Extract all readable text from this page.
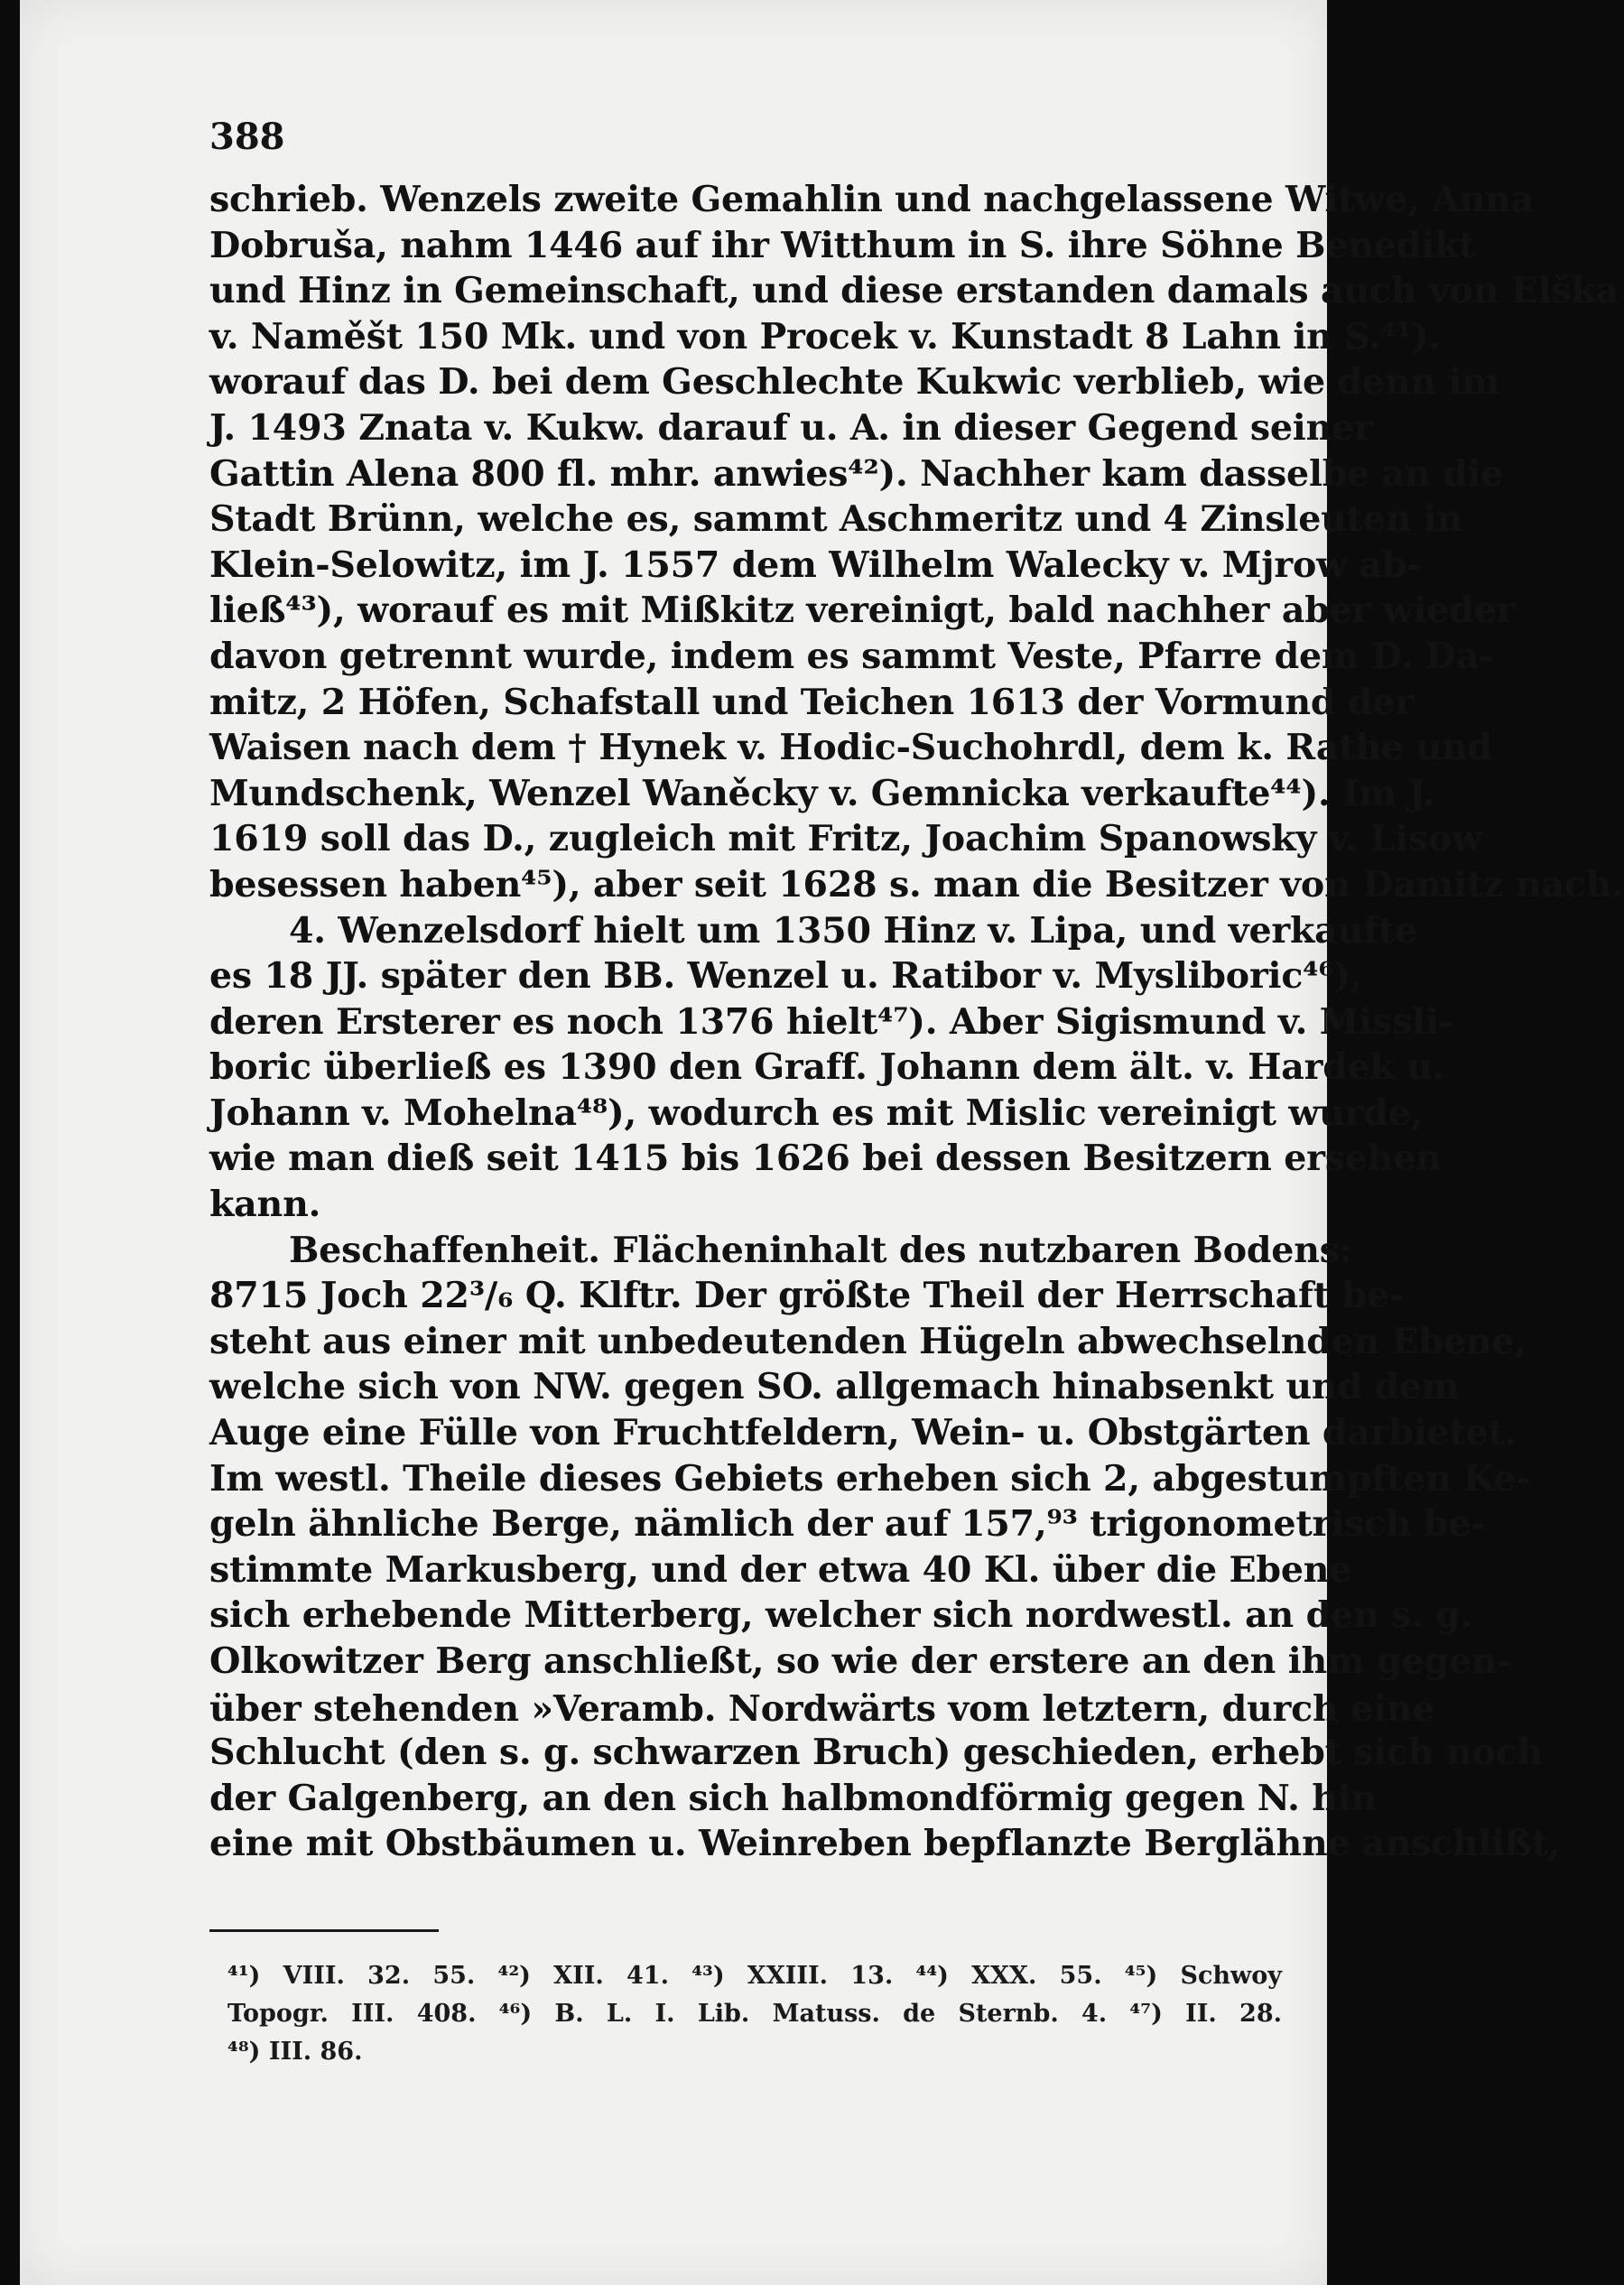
388
schrieb. Wenzels zweite Gemahlin und nachgelassene Witwe, Anna
Dobruša, nahm 1446 auf ihr Witthum in S. ihre Söhne Benedikt
und Hinz in Gemeinschaft, und diese erstanden damals auch von Elška
v. Naměšt 150 Mk. und von Procek v. Kunstadt 8 Lahn in S.⁴¹).
worauf das D. bei dem Geschlechte Kukwic verblieb, wie denn im
J. 1493 Znata v. Kukw. darauf u. A. in dieser Gegend seiner
Gattin Alena 800 fl. mhr. anwies⁴²). Nachher kam dasselbe an die
Stadt Brünn, welche es, sammt Aschmeritz und 4 Zinsleuten in
Klein-Selowitz, im J. 1557 dem Wilhelm Walecky v. Mjrow ab-
ließ⁴³), worauf es mit Mißkitz vereinigt, bald nachher aber wieder
davon getrennt wurde, indem es sammt Veste, Pfarre dem D. Da-
mitz, 2 Höfen, Schafstall und Teichen 1613 der Vormund der
Waisen nach dem † Hynek v. Hodic-Suchohrdl, dem k. Rathe und
Mundschenk, Wenzel Waněcky v. Gemnicka verkaufte⁴⁴). Im J.
1619 soll das D., zugleich mit Fritz, Joachim Spanowsky v. Lisow
besessen haben⁴⁵), aber seit 1628 s. man die Besitzer von Damitz nach.
4. Wenzelsdorf hielt um 1350 Hinz v. Lipa, und verkaufte
es 18 JJ. später den BB. Wenzel u. Ratibor v. Mysliboric⁴⁶),
deren Ersterer es noch 1376 hielt⁴⁷). Aber Sigismund v. Missli-
boric überließ es 1390 den Graff. Johann dem ält. v. Hardek u.
Johann v. Mohelna⁴⁸), wodurch es mit Mislic vereinigt wurde,
wie man dieß seit 1415 bis 1626 bei dessen Besitzern ersehen
kann.
Beschaffenheit. Flächeninhalt des nutzbaren Bodens:
8715 Joch 22³/₆ Q. Klftr. Der größte Theil der Herrschaft be-
steht aus einer mit unbedeutenden Hügeln abwechselnden Ebene,
welche sich von NW. gegen SO. allgemach hinabsenkt und dem
Auge eine Fülle von Fruchtfeldern, Wein- u. Obstgärten darbietet.
Im westl. Theile dieses Gebiets erheben sich 2, abgestumpften Ke-
geln ähnliche Berge, nämlich der auf 157,⁹³ trigonometrisch be-
stimmte Markusberg, und der etwa 40 Kl. über die Ebene
sich erhebende Mitterberg, welcher sich nordwestl. an den s. g.
Olkowitzer Berg anschließt, so wie der erstere an den ihm gegen-
über stehenden »Veramb . Nordwärts vom letztern, durch eine
Schlucht (den s. g. schwarzen Bruch) geschieden, erhebt sich noch
der Galgenberg, an den sich halbmondförmig gegen N. hin
eine mit Obstbäumen u. Weinreben bepflanzte Berglähne anschlißt,
⁴¹) VIII. 32. 55. ⁴²) XII. 41. ⁴³) XXIII. 13. ⁴⁴) XXX. 55. ⁴⁵) Schwoy
Topogr. III. 408. ⁴⁶) B. L. I. Lib. Matuss. de Sternb. 4. ⁴⁷) II. 28.
⁴⁸) III. 86.
